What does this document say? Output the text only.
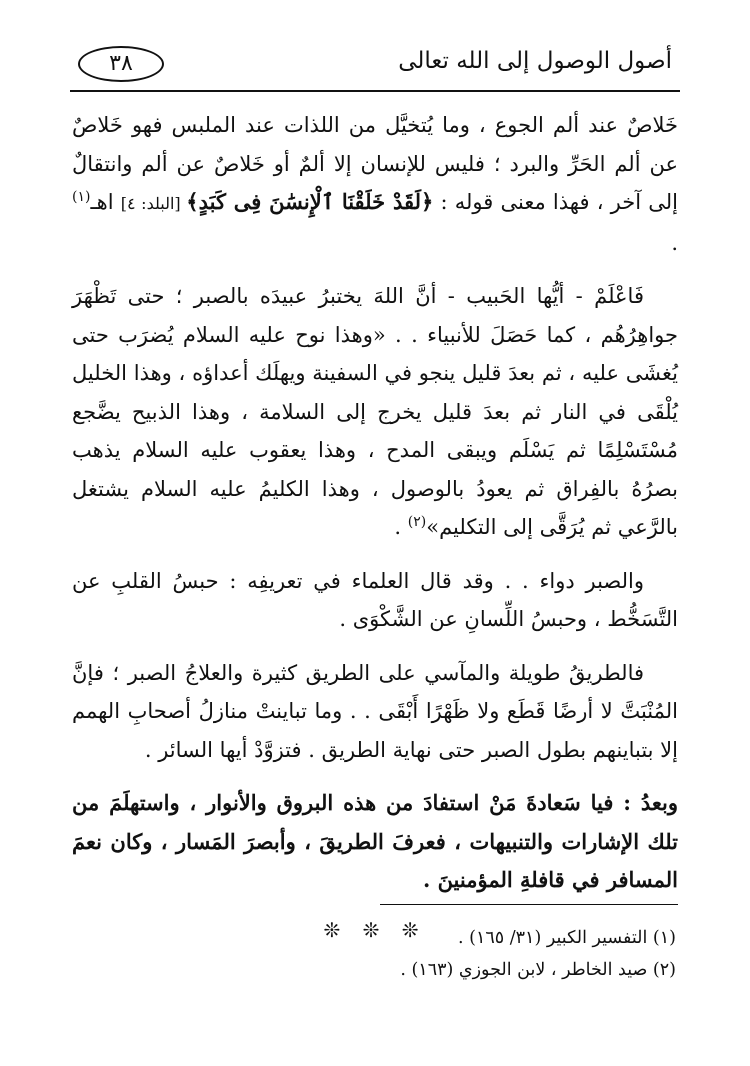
أصول الوصول إلى الله تعالى
٣٨

خَلاصٌ عند ألم الجوع ، وما يُتخيَّل من اللذات عند الملبس فهو خَلاصٌ عن ألم الحَرِّ والبرد ؛ فليس للإنسان إلا ألمٌ أو خَلاصٌ عن ألم وانتقالٌ إلى آخر ، فهذا معنى قوله : ﴿لَقَدْ خَلَقْنَا ٱلْإِنسَٰنَ فِى كَبَدٍ﴾ [البلد: ٤] اهـ$^{(١)}$ .

فَاعْلَمْ - أيُّها الحَبيب - أنَّ اللهَ يختبرُ عبيدَه بالصبر ؛ حتى تَظْهَرَ جواهِرُهُم ، كما حَصَلَ للأنبياء . . «وهذا نوح عليه السلام يُضرَب حتى يُغشَى عليه ، ثم بعدَ قليل ينجو في السفينة ويهلَك أعداؤه ، وهذا الخليل يُلْقَى في النار ثم بعدَ قليل يخرج إلى السلامة ، وهذا الذبيح يضَّجع مُسْتَسْلِمًا ثم يَسْلَم ويبقى المدح ، وهذا يعقوب عليه السلام يذهب بصرُهُ بالفِراق ثم يعودُ بالوصول ، وهذا الكليمُ عليه السلام يشتغل بالرَّعي ثم يُرَقَّى إلى التكليم»$^{(٢)}$ .

والصبر دواء . . وقد قال العلماء في تعريفِه : حبسُ القلبِ عن التَّسَخُّط ، وحبسُ اللِّسانِ عن الشَّكْوَى .

فالطريقُ طويلة والمآسي على الطريق كثيرة والعلاجُ الصبر ؛ فإنَّ المُنْبَتَّ لا أرضًا قَطَع ولا ظَهْرًا أَبْقَى . . وما تباينتْ منازلُ أصحابِ الهمم إلا بتباينهم بطول الصبر حتى نهاية الطريق . فتزوَّدْ أيها السائر .

وبعدُ : فيا سَعادةَ مَنْ استفادَ من هذه البروق والأنوار ، واستهلَمَ من تلك الإشارات والتنبيهات ، فعرفَ الطريقَ ، وأبصرَ المَسار ، وكان نعمَ المسافر في قافلةِ المؤمنينَ .

❊ ❊ ❊	(١) التفسير الكبير (٣١/ ١٦٥) .

(٢) صيد الخاطر ، لابن الجوزي (١٦٣) .
